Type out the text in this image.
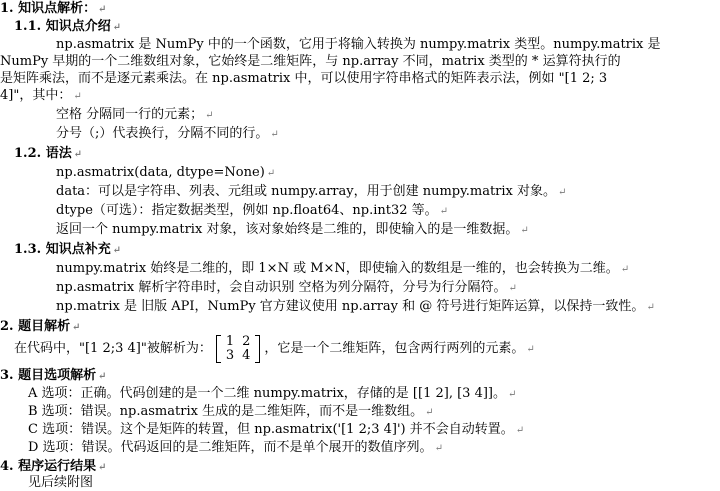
1. 知识点解析： ↵
1.1. 知识点介绍 ↵
np.asmatrix 是 NumPy 中的一个函数，它用于将输入转换为 numpy.matrix 类型。numpy.matrix 是
NumPy 早期的一个二维数组对象，它始终是二维矩阵，与 np.array 不同，matrix 类型的 * 运算符执行的
是矩阵乘法，而不是逐元素乘法。在 np.asmatrix 中，可以使用字符串格式的矩阵表示法，例如 "[1 2; 3
4]"，其中： ↵
空格 分隔同一行的元素； ↵
分号（;）代表换行，分隔不同的行。 ↵
1.2. 语法 ↵
np.asmatrix(data, dtype=None) ↵
data：可以是字符串、列表、元组或 numpy.array，用于创建 numpy.matrix 对象。 ↵
dtype（可选）：指定数据类型，例如 np.float64、np.int32 等。 ↵
返回一个 numpy.matrix 对象，该对象始终是二维的，即使输入的是一维数据。 ↵
1.3. 知识点补充 ↵
numpy.matrix 始终是二维的，即 1×N 或 M×N，即使输入的数组是一维的，也会转换为二维。 ↵
np.asmatrix 解析字符串时，会自动识别 空格为列分隔符，分号为行分隔符。 ↵
np.matrix 是 旧版 API，NumPy 官方建议使用 np.array 和 @ 符号进行矩阵运算，以保持一致性。 ↵
2. 题目解析 ↵
在代码中，"[1 2;3 4]"被解析为： 1	2
3	4 ，它是一个二维矩阵，包含两行两列的元素。 ↵
3. 题目选项解析 ↵
A 选项：正确。代码创建的是一个二维 numpy.matrix，存储的是 [[1 2], [3 4]]。 ↵
B 选项：错误。np.asmatrix 生成的是二维矩阵，而不是一维数组。 ↵
C 选项：错误。这个是矩阵的转置，但 np.asmatrix('[1 2;3 4]') 并不会自动转置。 ↵
D 选项：错误。代码返回的是二维矩阵，而不是单个展开的数值序列。 ↵
4. 程序运行结果 ↵
见后续附图
